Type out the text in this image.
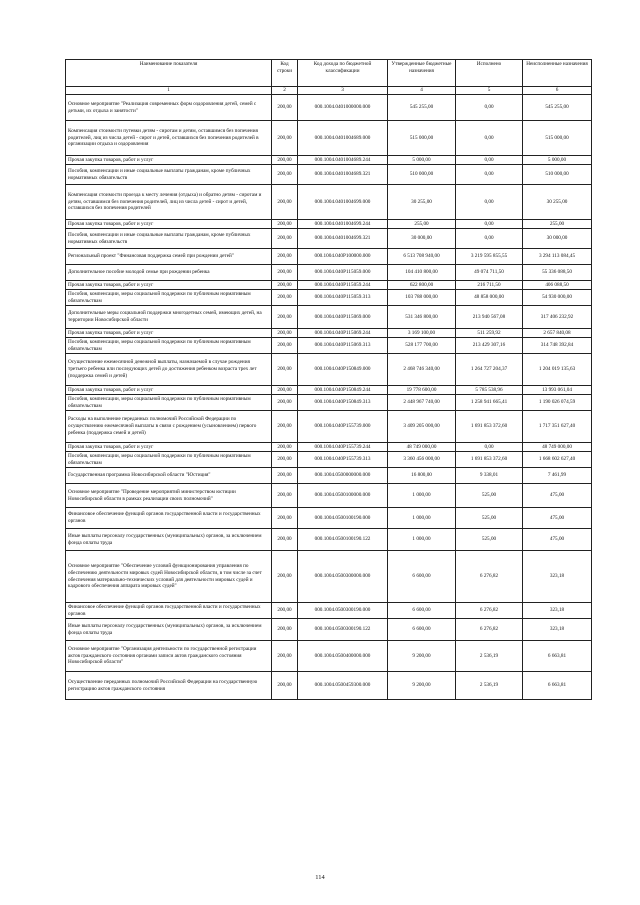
Наименование показателя	Код строки	Код дохода по бюджетной классификации	Утвержденные бюджетные назначения	Исполнено	Неисполненные назначения
1	2	3	4	5	6
Основное мероприятие "Реализация современных форм оздоровления детей, семей с детьми, их отдыха и занятости"	200,00	000.1004.0401000000.000	545 255,00	0,00	545 255,00
Компенсация стоимости путевки детям - сиротам и детям, оставшимся без попечения родителей, лиц из числа детей - сирот и детей, оставшихся без попечения родителей в организации отдыха и оздоровления	200,00	000.1004.0401004689.000	515 000,00	0,00	515 000,00
Прочая закупка товаров, работ и услуг	200,00	000.1004.0401004689.244	5 000,00	0,00	5 000,00
Пособия, компенсации и иные социальные выплаты гражданам, кроме публичных нормативных обязательств	200,00	000.1004.0401004689.321	510 000,00	0,00	510 000,00
Компенсация стоимости проезда к месту лечения (отдыха) и обратно детям - сиротам и детям, оставшимся без попечения родителей, лиц из числа детей - сирот и детей, оставшихся без попечения родителей	200,00	000.1004.0401004699.000	30 255,00	0,00	30 255,00
Прочая закупка товаров, работ и услуг	200,00	000.1004.0401004699.244	255,00	0,00	255,00
Пособия, компенсации и иные социальные выплаты гражданам, кроме публичных нормативных обязательств	200,00	000.1004.0401004699.321	30 000,00	0,00	30 000,00
Региональный проект "Финансовая поддержка семей при рождении детей"	200,00	000.1004.040P100000.000	6 513 708 940,00	3 219 595 855,55	3 294 113 084,45
Дополнительное пособие молодой семье при рождении ребенка	200,00	000.1004.040P115059.000	104 410 800,00	49 074 711,50	55 336 088,50
Прочая закупка товаров, работ и услуг	200,00	000.1004.040P115059.244	622 800,00	216 711,50	406 088,50
Пособия, компенсации, меры социальной поддержки по публичным нормативным обязательствам	200,00	000.1004.040P115059.313	103 788 000,00	48 858 000,00	54 930 000,00
Дополнительные меры социальной поддержки многодетных семей, имеющих детей, на территории Новосибирской области	200,00	000.1004.040P115069.000	531 346 800,00	213 940 567,08	317 406 232,92
Прочая закупка товаров, работ и услуг	200,00	000.1004.040P115069.244	3 169 100,00	511 259,92	2 657 840,08
Пособия, компенсации, меры социальной поддержки по публичным нормативным обязательствам	200,00	000.1004.040P115069.313	528 177 700,00	213 429 307,16	314 748 392,84
Осуществление ежемесячной денежной выплаты, назначаемой в случае рождения третьего ребенка или последующих детей до достижения ребенком возраста трех лет (поддержка семей и детей)	200,00	000.1004.040P150849.000	2 468 746 340,00	1 264 727 204,37	1 204 019 135,63
Прочая закупка товаров, работ и услуг	200,00	000.1004.040P150849.244	19 778 600,00	5 785 538,96	13 993 061,04
Пособия, компенсации, меры социальной поддержки по публичным нормативным обязательствам	200,00	000.1004.040P150849.313	2 448 967 740,00	1 258 941 665,41	1 190 026 074,59
Расходы на выполнение переданных полномочий Российской Федерации по осуществлению ежемесячной выплаты в связи с рождением (усыновлением) первого ребенка (поддержка семей и детей)	200,00	000.1004.040P155739.000	3 409 205 000,00	1 691 853 372,60	1 717 351 627,40
Прочая закупка товаров, работ и услуг	200,00	000.1004.040P155739.244	48 749 000,00	0,00	48 749 000,00
Пособия, компенсации, меры социальной поддержки по публичным нормативным обязательствам	200,00	000.1004.040P155739.313	3 360 456 000,00	1 691 853 372,60	1 668 602 627,40
Государственная программа Новосибирской области "Юстиция"	200,00	000.1004.0500000000.000	16 800,00	9 338,01	7 461,99
Основное мероприятие "Проведение мероприятий министерством юстиции Новосибирской области в рамках реализации своих полномочий"	200,00	000.1004.0500100000.000	1 000,00	525,00	475,00
Финансовое обеспечение функций органов государственной власти и государственных органов	200,00	000.1004.0500100190.000	1 000,00	525,00	475,00
Иные выплаты персоналу государственных (муниципальных) органов, за исключением фонда оплаты труда	200,00	000.1004.0500100190.122	1 000,00	525,00	475,00
Основное мероприятие "Обеспечение условий функционирования управления по обеспечению деятельности мировых судей Новосибирской области, в том числе за счет обеспечения материально-технических условий для деятельности мировых судей и кадрового обеспечения аппарата мировых судей"	200,00	000.1004.0500300000.000	6 600,00	6 276,82	323,18
Финансовое обеспечение функций органов государственной власти и государственных органов	200,00	000.1004.0500300190.000	6 600,00	6 276,82	323,18
Иные выплаты персоналу государственных (муниципальных) органов, за исключением фонда оплаты труда	200,00	000.1004.0500300190.122	6 600,00	6 276,82	323,18
Основное мероприятие "Организация деятельности по государственной регистрации актов гражданского состояния органами записи актов гражданского состояния Новосибирской области"	200,00	000.1004.0500400000.000	9 200,00	2 536,19	6 663,81
Осуществление переданных полномочий Российской Федерации на государственную регистрацию актов гражданского состояния	200,00	000.1004.0500459300.000	9 200,00	2 536,19	6 663,81
114
